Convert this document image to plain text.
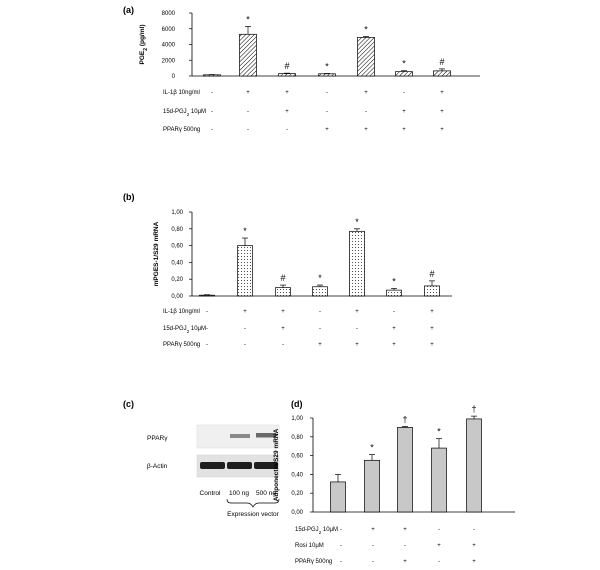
(a)
(b)
(c)	(d)
PPARγ
β-Actin
Control 100 ng 500 ng
Expression vector
0
2000
4000
6000
8000
$PGE_2$ (pg/ml)
*
#	*
*
*	#
IL-1β 10ng/ml -	+	+	-	+	-	+
$15d-PGJ_2$ 10μM -	-	+	-	-	+	+
PPARγ 500ng -	-	-	+	+	+	+
0,00
0,20
0,40
0,60
0,80
1,00
mPGES-1/S29 mRNA	*
#	*
*
*
#
IL-1β 10ng/ml -	+	+	-	+	-	+
$15d-PGJ_2$ 10μM -	-	+	-	-	+	+
PPARγ 500ng -	-	-	+	+	+	+
0,00
0,20
0,40
0,60
0,80
1,00
Adiponectin/S29 mRNA	*
†
*
†
$15d-PGJ_2$ 10μM -	+	+	-	-
Rosi 10μM	-	-	-	+	+
PPARγ 500ng -	-	+	-	+
